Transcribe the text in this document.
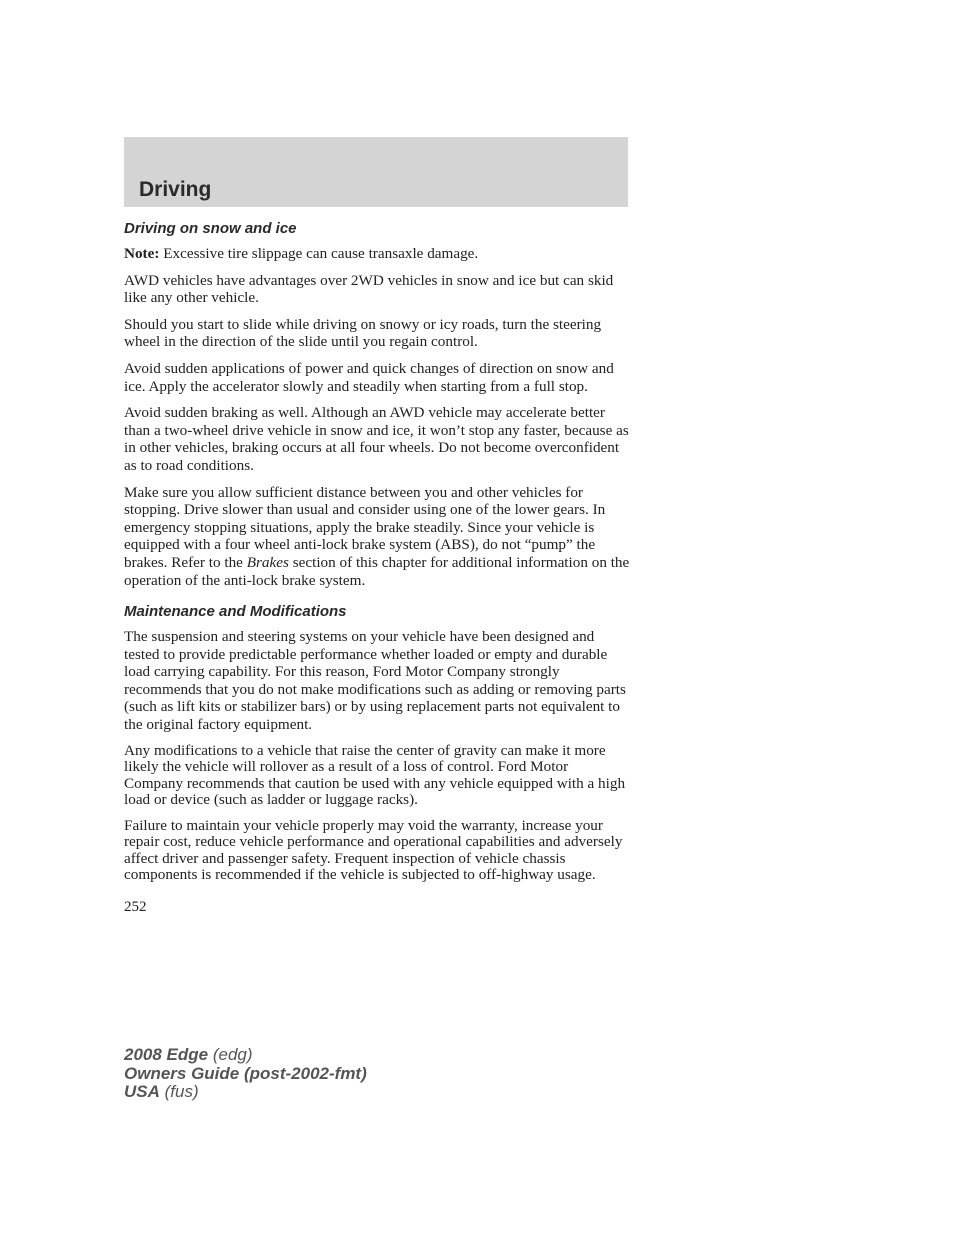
Driving
Driving on snow and ice

Note: Excessive tire slippage can cause transaxle damage.

AWD vehicles have advantages over 2WD vehicles in snow and ice but can skid like any other vehicle.

Should you start to slide while driving on snowy or icy roads, turn the steering wheel in the direction of the slide until you regain control.

Avoid sudden applications of power and quick changes of direction on snow and ice. Apply the accelerator slowly and steadily when starting from a full stop.

Avoid sudden braking as well. Although an AWD vehicle may accelerate better than a two-wheel drive vehicle in snow and ice, it won’t stop any faster, because as in other vehicles, braking occurs at all four wheels. Do not become overconfident as to road conditions.

Make sure you allow sufficient distance between you and other vehicles for stopping. Drive slower than usual and consider using one of the lower gears. In emergency stopping situations, apply the brake steadily. Since your vehicle is equipped with a four wheel anti-lock brake system (ABS), do not “pump” the brakes. Refer to the Brakes section of this chapter for additional information on the operation of the anti-lock brake system.

Maintenance and Modifications

The suspension and steering systems on your vehicle have been designed and tested to provide predictable performance whether loaded or empty and durable load carrying capability. For this reason, Ford Motor Company strongly recommends that you do not make modifications such as adding or removing parts (such as lift kits or stabilizer bars) or by using replacement parts not equivalent to the original factory equipment.

Any modifications to a vehicle that raise the center of gravity can make it more likely the vehicle will rollover as a result of a loss of control. Ford Motor Company recommends that caution be used with any vehicle equipped with a high load or device (such as ladder or luggage racks).

Failure to maintain your vehicle properly may void the warranty, increase your repair cost, reduce vehicle performance and operational capabilities and adversely affect driver and passenger safety. Frequent inspection of vehicle chassis components is recommended if the vehicle is subjected to off-highway usage.

252
2008 Edge (edg)
Owners Guide (post-2002-fmt)
USA (fus)
